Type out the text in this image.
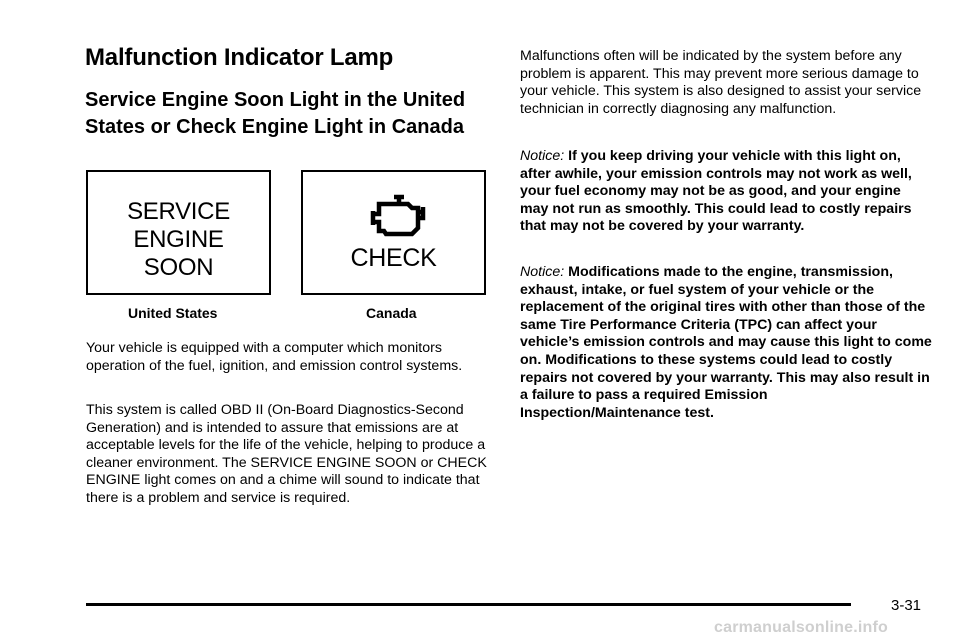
Malfunction Indicator Lamp
Service Engine Soon Light in the United States or Check Engine Light in Canada
SERVICE
ENGINE
SOON	CHECK
United States	Canada

Your vehicle is equipped with a computer which monitors operation of the fuel, ignition, and emission control systems.

This system is called OBD II (On-Board Diagnostics-Second Generation) and is intended to assure that emissions are at acceptable levels for the life of the vehicle, helping to produce a cleaner environment. The SERVICE ENGINE SOON or CHECK ENGINE light comes on and a chime will sound to indicate that there is a problem and service is required.

Malfunctions often will be indicated by the system before any problem is apparent. This may prevent more serious damage to your vehicle. This system is also designed to assist your service technician in correctly diagnosing any malfunction.

Notice: If you keep driving your vehicle with this light on, after awhile, your emission controls may not work as well, your fuel economy may not be as good, and your engine may not run as smoothly. This could lead to costly repairs that may not be covered by your warranty.

Notice: Modifications made to the engine, transmission, exhaust, intake, or fuel system of your vehicle or the replacement of the original tires with other than those of the same Tire Performance Criteria (TPC) can affect your vehicle’s emission controls and may cause this light to come on. Modifications to these systems could lead to costly repairs not covered by your warranty. This may also result in a failure to pass a required Emission Inspection/Maintenance test.

3-31
carmanualsonline.info
